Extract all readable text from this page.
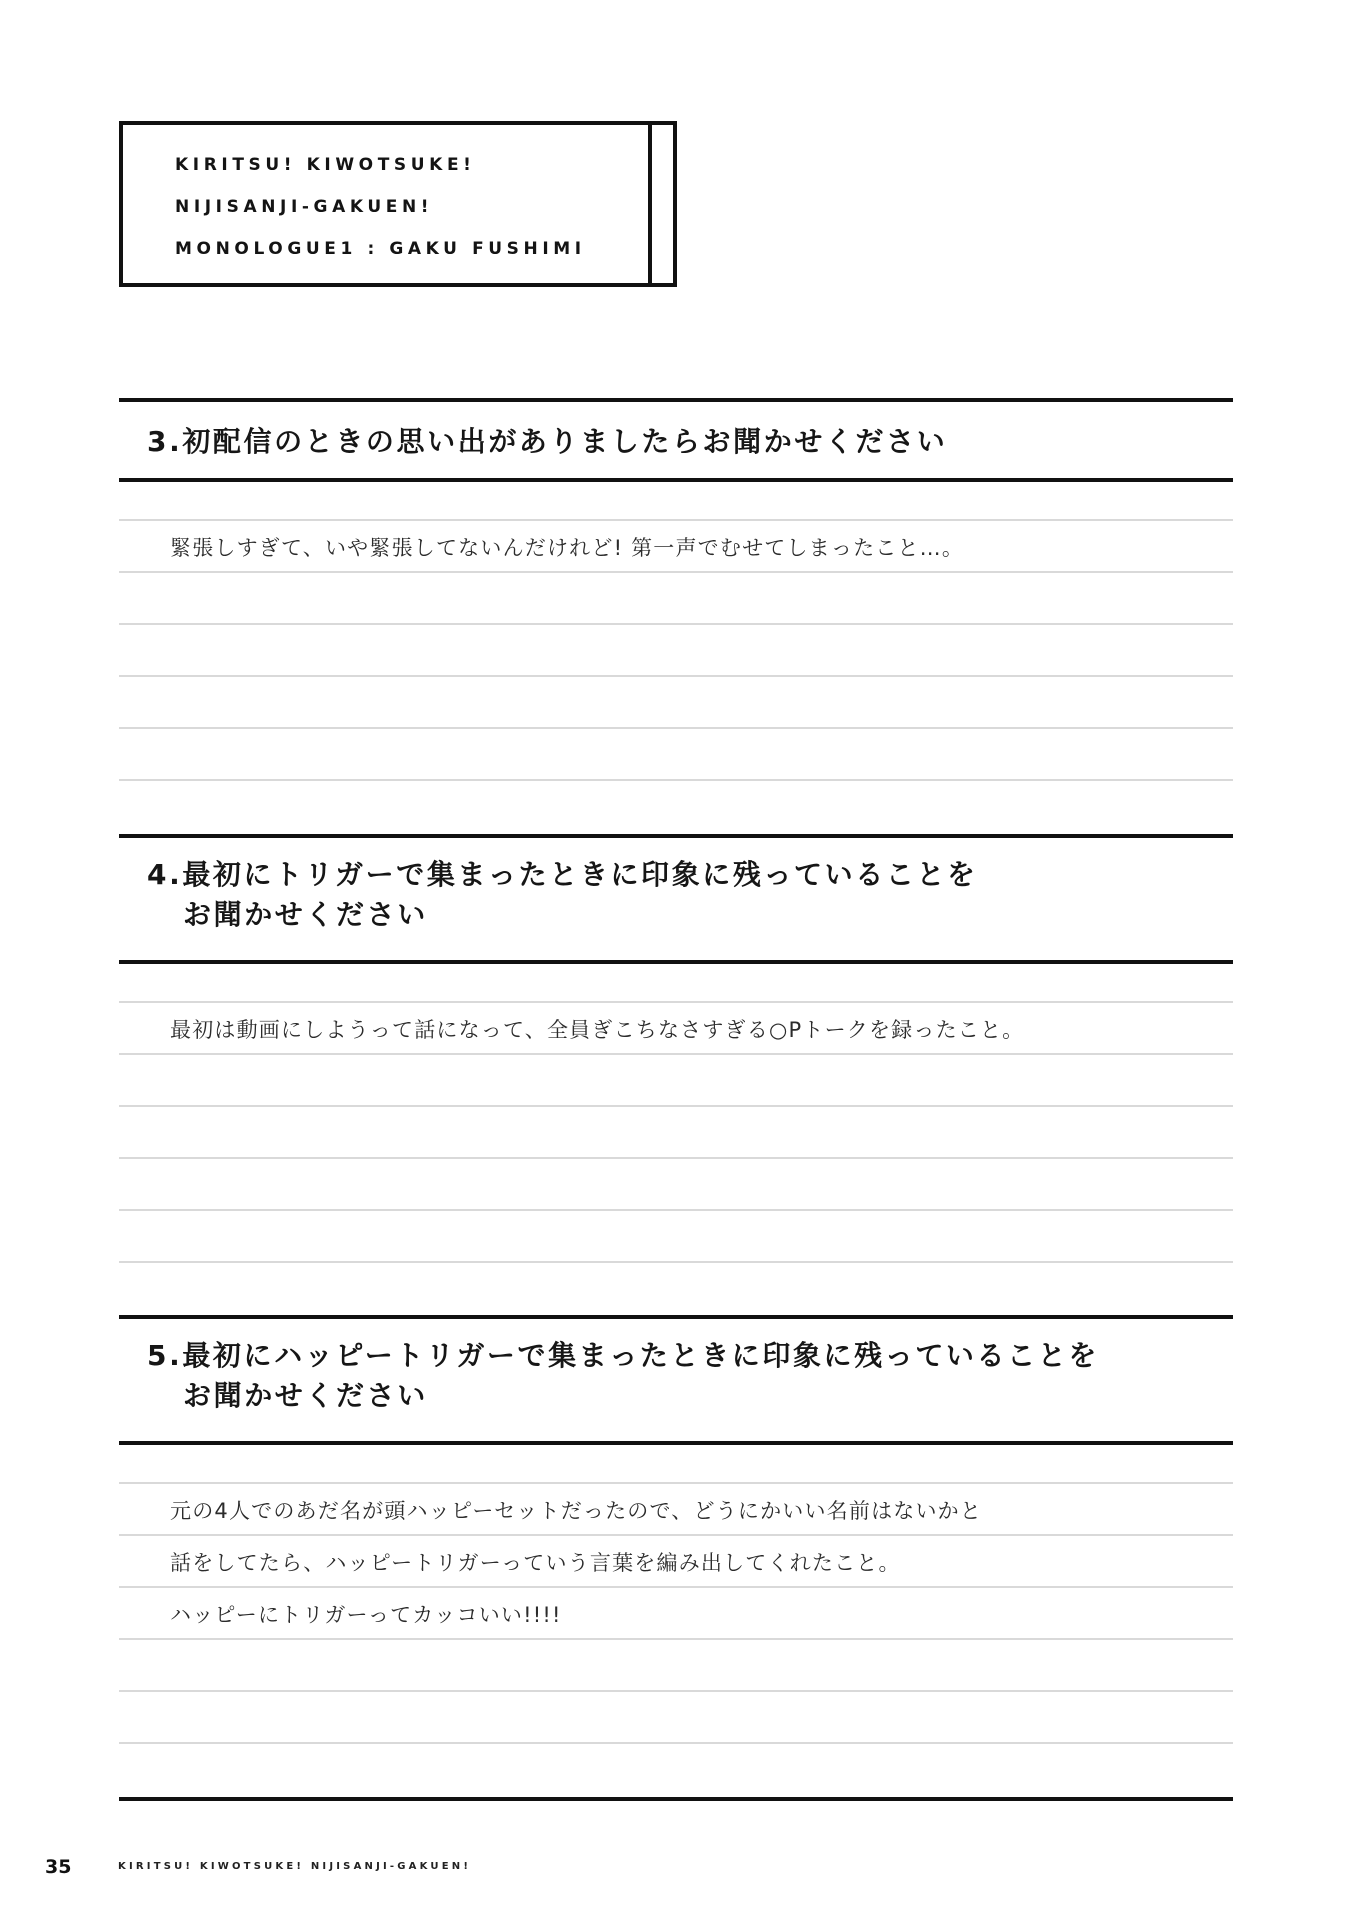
KIRITSU! KIWOTSUKE!
NIJISANJI-GAKUEN!
MONOLOGUE1 : GAKU FUSHIMI
3.初配信のときの思い出がありましたらお聞かせください
緊張しすぎて、いや緊張してないんだけれど! 第一声でむせてしまったこと…。
4.最初にトリガーで集まったときに印象に残っていることを
お聞かせください
最初は動画にしようって話になって、全員ぎこちなさすぎる○Pトークを録ったこと。
5.最初にハッピートリガーで集まったときに印象に残っていることを
お聞かせください
元の4人でのあだ名が頭ハッピーセットだったので、どうにかいい名前はないかと
話をしてたら、ハッピートリガーっていう言葉を編み出してくれたこと。
ハッピーにトリガーってカッコいい!!!!
35	KIRITSU! KIWOTSUKE! NIJISANJI-GAKUEN!
